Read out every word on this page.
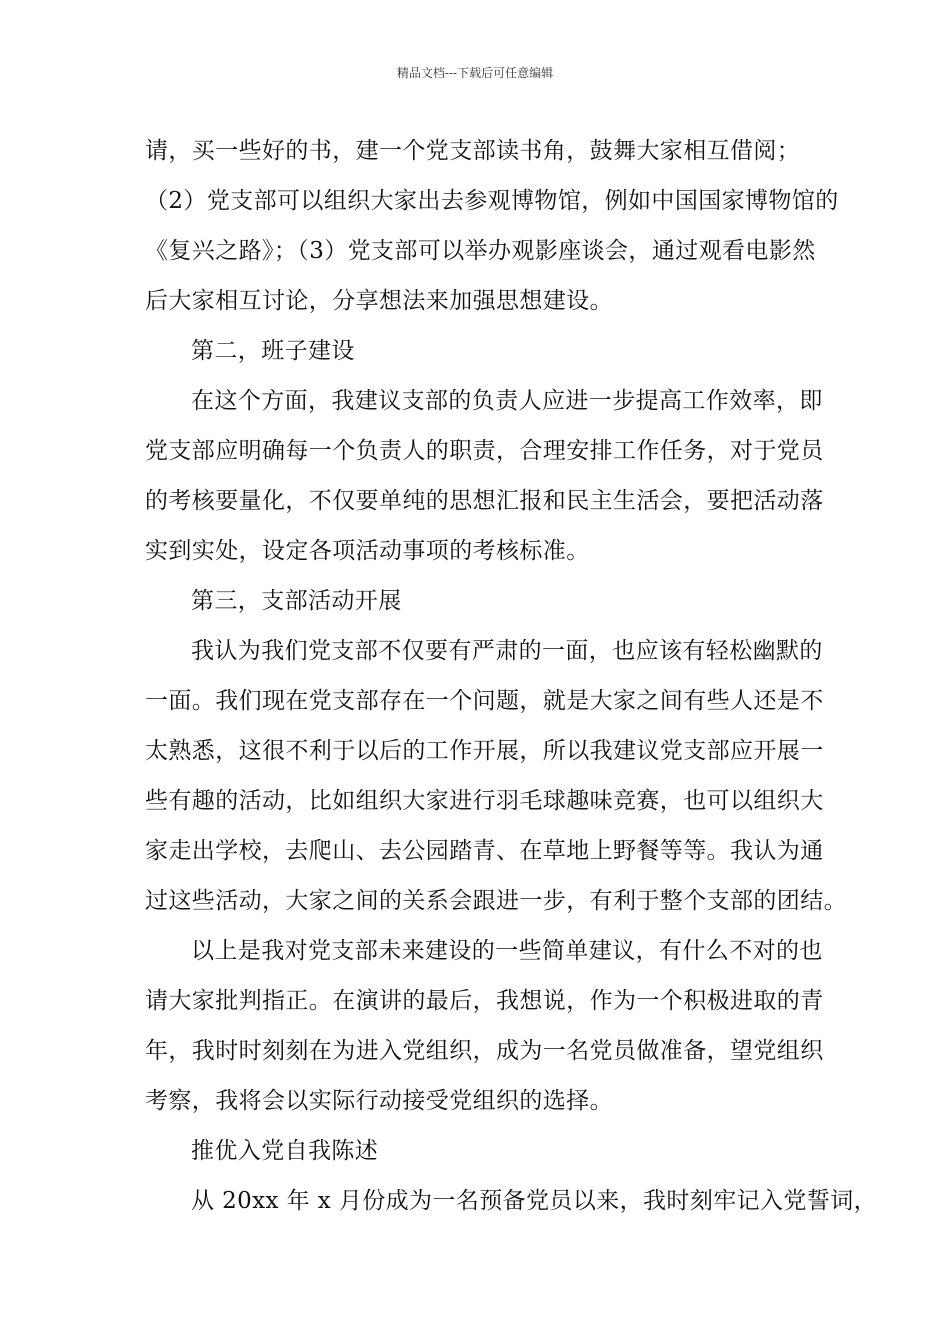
精品文档---下载后可任意编辑
请，买一些好的书，建一个党支部读书角，鼓舞大家相互借阅；
（2）党支部可以组织大家出去参观博物馆，例如中国国家博物馆的
《复兴之路》；（3）党支部可以举办观影座谈会，通过观看电影然
后大家相互讨论，分享想法来加强思想建设。
第二，班子建设
在这个方面，我建议支部的负责人应进一步提高工作效率，即
党支部应明确每一个负责人的职责，合理安排工作任务，对于党员
的考核要量化，不仅要单纯的思想汇报和民主生活会，要把活动落
实到实处，设定各项活动事项的考核标准。
第三，支部活动开展
我认为我们党支部不仅要有严肃的一面，也应该有轻松幽默的
一面。我们现在党支部存在一个问题，就是大家之间有些人还是不
太熟悉，这很不利于以后的工作开展，所以我建议党支部应开展一
些有趣的活动，比如组织大家进行羽毛球趣味竞赛，也可以组织大
家走出学校，去爬山、去公园踏青、在草地上野餐等等。我认为通
过这些活动，大家之间的关系会跟进一步，有利于整个支部的团结。
以上是我对党支部未来建设的一些简单建议，有什么不对的也
请大家批判指正。在演讲的最后，我想说，作为一个积极进取的青
年，我时时刻刻在为进入党组织，成为一名党员做准备，望党组织
考察，我将会以实际行动接受党组织的选择。
推优入党自我陈述
从 20xx 年 x 月份成为一名预备党员以来，我时刻牢记入党誓词，
